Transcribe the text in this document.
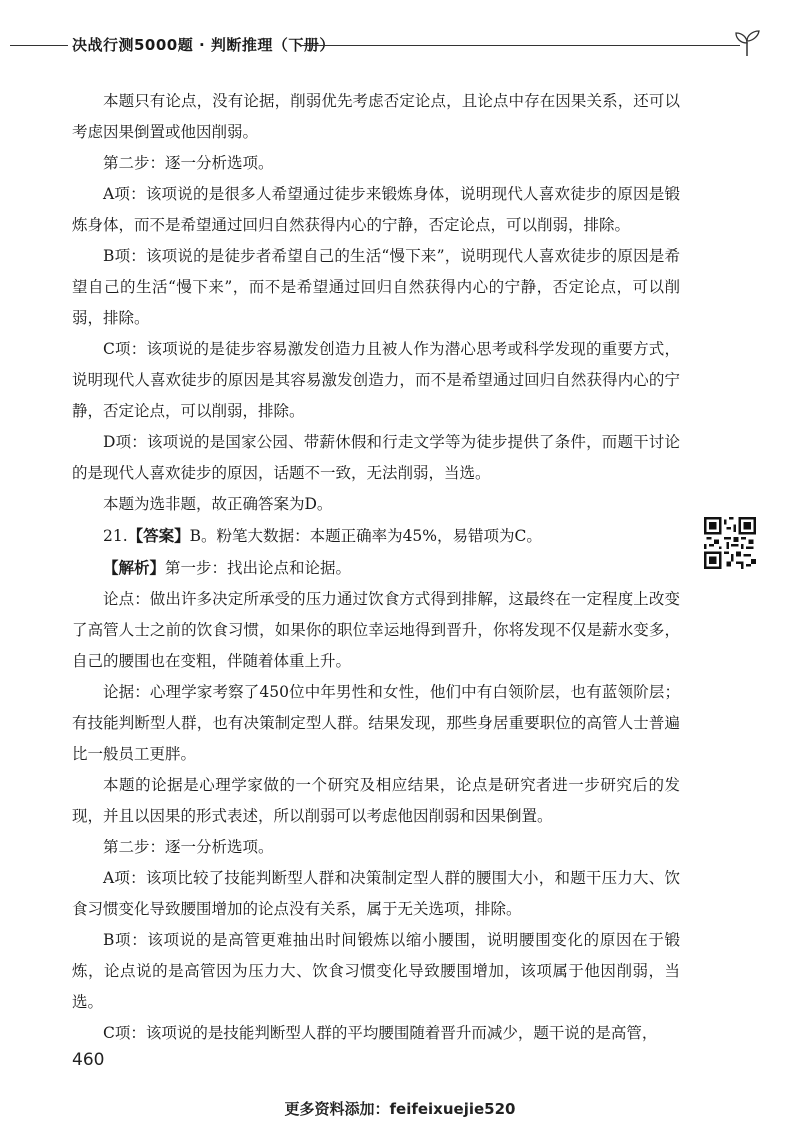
决战行测5000题 · 判断推理（下册）

本题只有论点，没有论据，削弱优先考虑否定论点，且论点中存在因果关系，还可以考虑因果倒置或他因削弱。

第二步：逐一分析选项。

A项：该项说的是很多人希望通过徒步来锻炼身体，说明现代人喜欢徒步的原因是锻炼身体，而不是希望通过回归自然获得内心的宁静，否定论点，可以削弱，排除。

B项：该项说的是徒步者希望自己的生活“慢下来”，说明现代人喜欢徒步的原因是希望自己的生活“慢下来”，而不是希望通过回归自然获得内心的宁静，否定论点，可以削弱，排除。

C项：该项说的是徒步容易激发创造力且被人作为潜心思考或科学发现的重要方式，说明现代人喜欢徒步的原因是其容易激发创造力，而不是希望通过回归自然获得内心的宁静，否定论点，可以削弱，排除。

D项：该项说的是国家公园、带薪休假和行走文学等为徒步提供了条件，而题干讨论的是现代人喜欢徒步的原因，话题不一致，无法削弱，当选。

本题为选非题，故正确答案为D。

21.【答案】B。粉笔大数据：本题正确率为45%，易错项为C。

【解析】第一步：找出论点和论据。

论点：做出许多决定所承受的压力通过饮食方式得到排解，这最终在一定程度上改变了高管人士之前的饮食习惯，如果你的职位幸运地得到晋升，你将发现不仅是薪水变多，自己的腰围也在变粗，伴随着体重上升。

论据：心理学家考察了450位中年男性和女性，他们中有白领阶层，也有蓝领阶层；有技能判断型人群，也有决策制定型人群。结果发现，那些身居重要职位的高管人士普遍比一般员工更胖。

本题的论据是心理学家做的一个研究及相应结果，论点是研究者进一步研究后的发现，并且以因果的形式表述，所以削弱可以考虑他因削弱和因果倒置。

第二步：逐一分析选项。

A项：该项比较了技能判断型人群和决策制定型人群的腰围大小，和题干压力大、饮食习惯变化导致腰围增加的论点没有关系，属于无关选项，排除。

B项：该项说的是高管更难抽出时间锻炼以缩小腰围，说明腰围变化的原因在于锻炼，论点说的是高管因为压力大、饮食习惯变化导致腰围增加，该项属于他因削弱，当选。

C项：该项说的是技能判断型人群的平均腰围随着晋升而减少，题干说的是高管，

460
更多资料添加：feifeixuejie520
